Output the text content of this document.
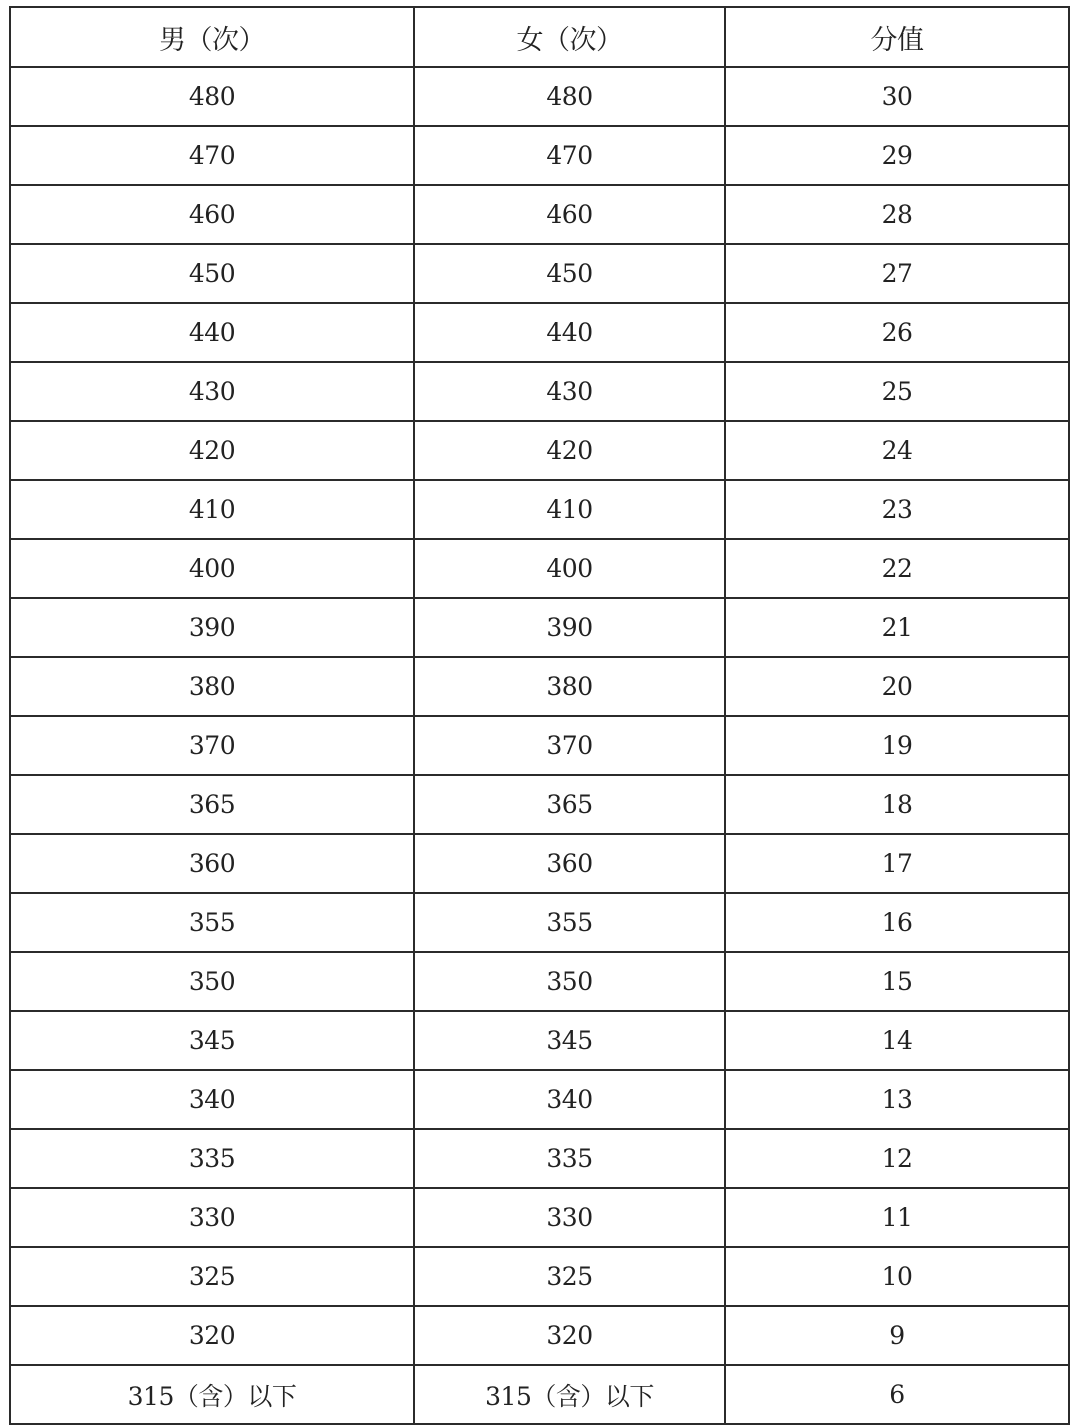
男（次）	女（次）	分值
480	480	30
470	470	29
460	460	28
450	450	27
440	440	26
430	430	25
420	420	24
410	410	23
400	400	22
390	390	21
380	380	20
370	370	19
365	365	18
360	360	17
355	355	16
350	350	15
345	345	14
340	340	13
335	335	12
330	330	11
325	325	10
320	320	9
315（含）以下	315（含）以下	6
